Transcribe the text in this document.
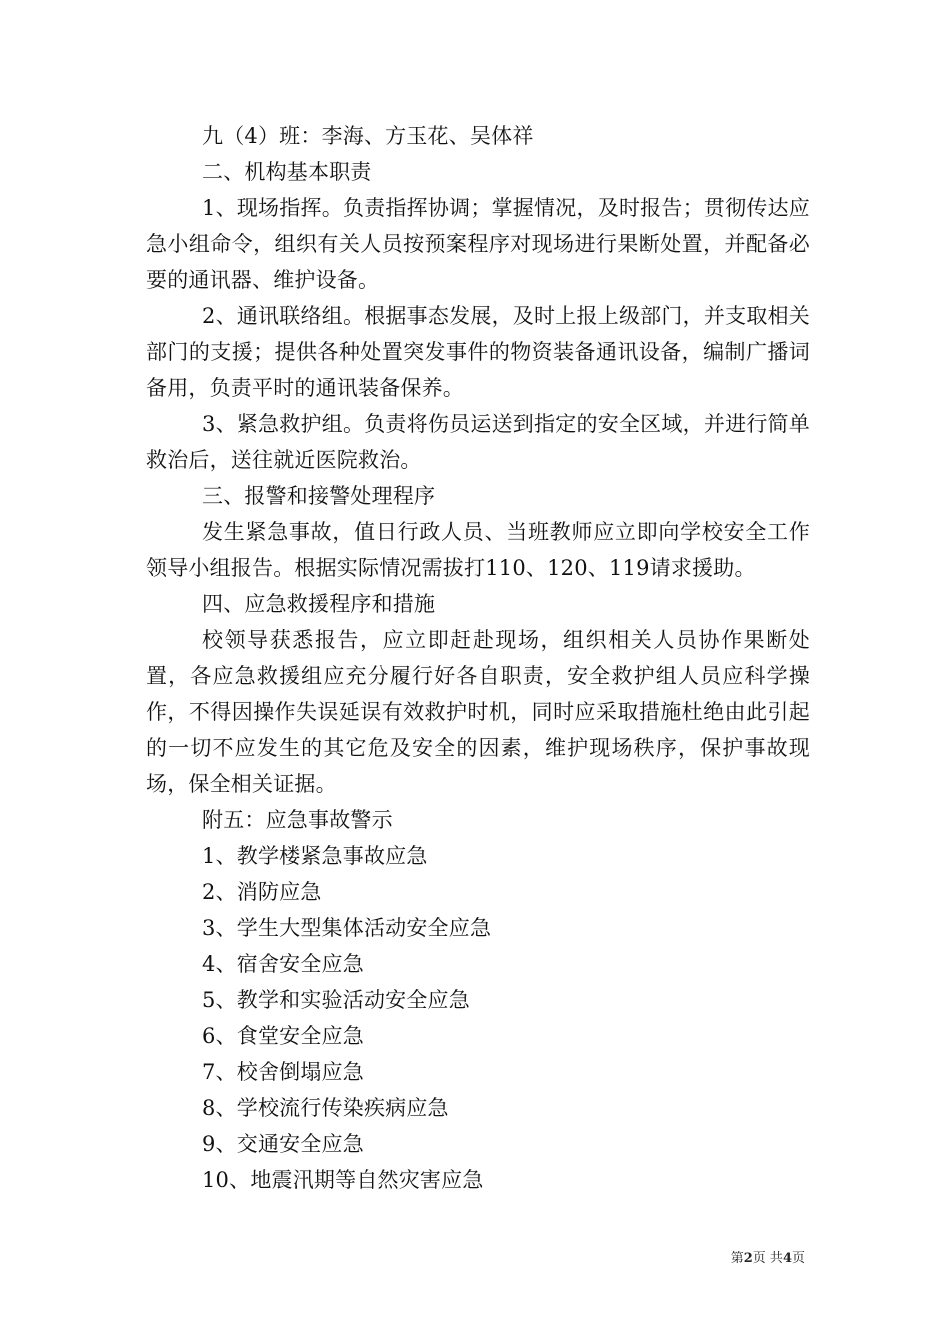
九（4）班：李海、方玉花、吴体祥

二、机构基本职责

1、现场指挥。负责指挥协调；掌握情况，及时报告；贯彻传达应急小组命令，组织有关人员按预案程序对现场进行果断处置，并配备必要的通讯器、维护设备。

2、通讯联络组。根据事态发展，及时上报上级部门，并支取相关部门的支援；提供各种处置突发事件的物资装备通讯设备，编制广播词备用，负责平时的通讯装备保养。

3、紧急救护组。负责将伤员运送到指定的安全区域，并进行简单救治后，送往就近医院救治。

三、报警和接警处理程序

发生紧急事故，值日行政人员、当班教师应立即向学校安全工作领导小组报告。根据实际情况需拔打110、120、119请求援助。

四、应急救援程序和措施

校领导获悉报告，应立即赶赴现场，组织相关人员协作果断处置，各应急救援组应充分履行好各自职责，安全救护组人员应科学操作，不得因操作失误延误有效救护时机，同时应采取措施杜绝由此引起的一切不应发生的其它危及安全的因素，维护现场秩序，保护事故现场，保全相关证据。

附五：应急事故警示

1、教学楼紧急事故应急

2、消防应急

3、学生大型集体活动安全应急

4、宿舍安全应急

5、教学和实验活动安全应急

6、食堂安全应急

7、校舍倒塌应急

8、学校流行传染疾病应急

9、交通安全应急

10、地震汛期等自然灾害应急

第2页 共4页
